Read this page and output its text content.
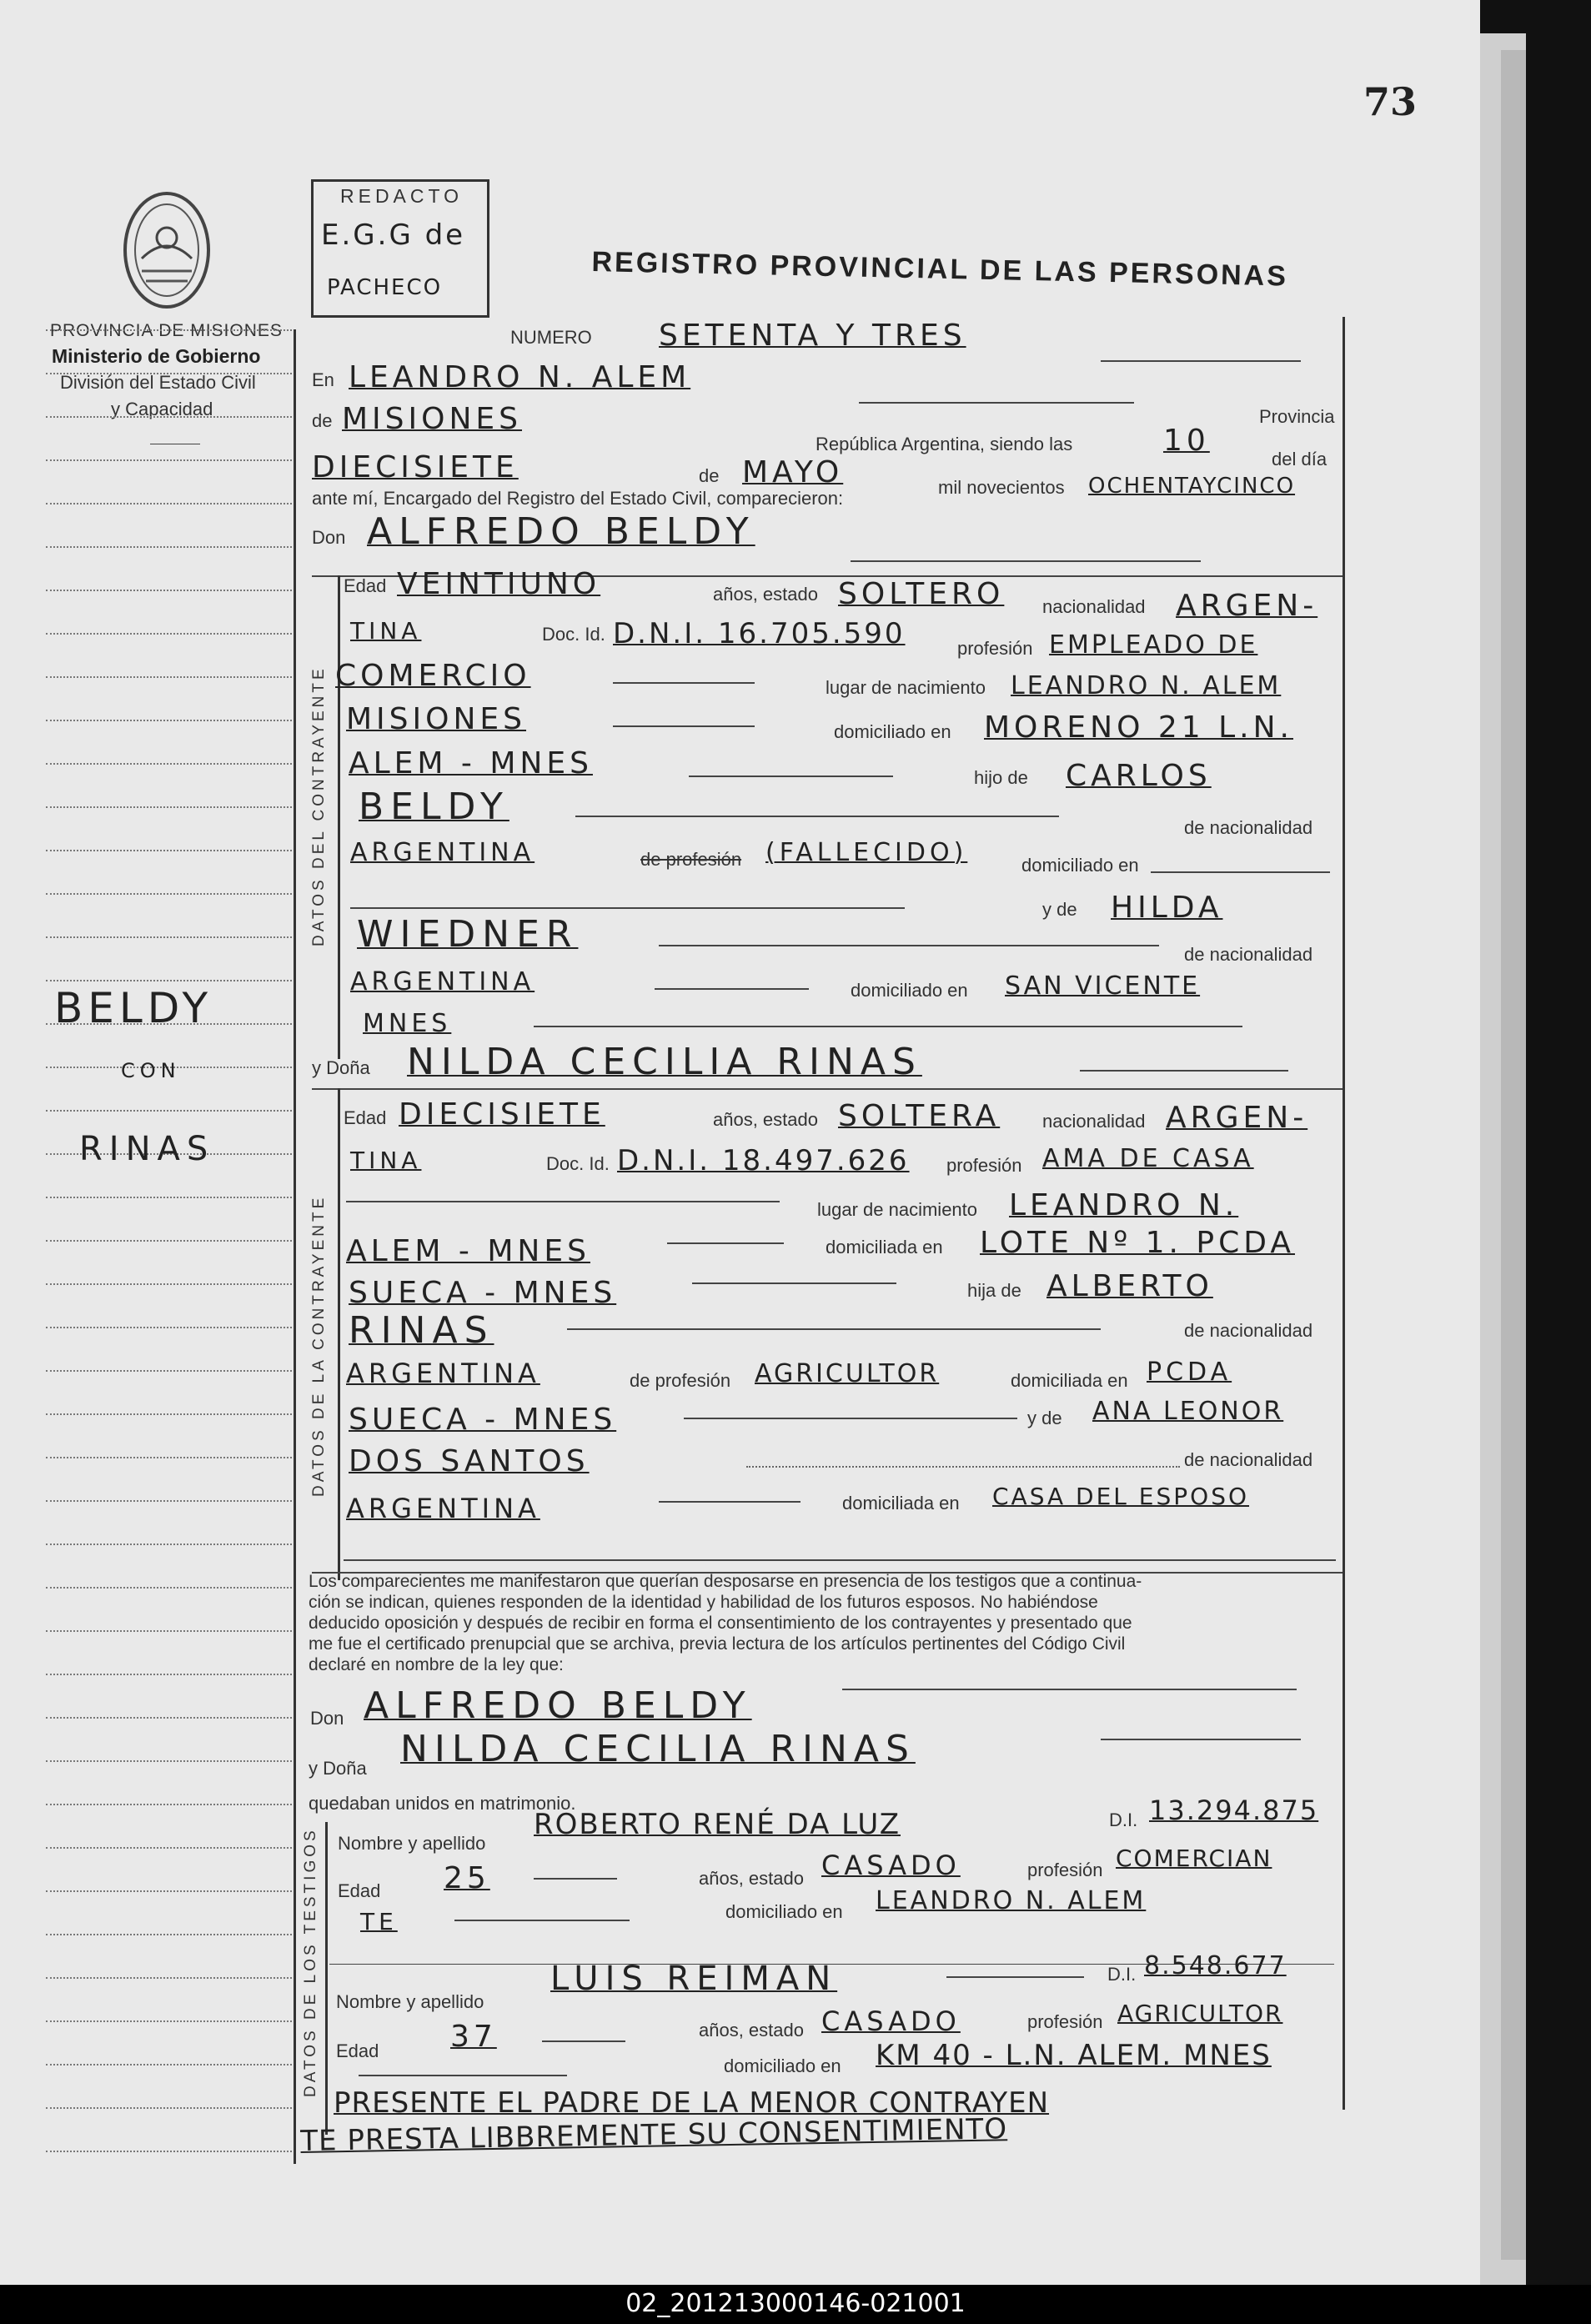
73
PROVINCIA DE MISIONES
Ministerio de Gobierno
División del Estado Civil
y Capacidad
REDACTO
E.G.G de
PACHECO	REGISTRO PROVINCIAL DE LAS PERSONAS
BELDY
CON
RINAS
NUMERO SETENTA Y TRES
En LEANDRO N. ALEM
de MISIONES	Provincia
República Argentina, siendo las	10
del día
DIECISIETE	de MAYO	mil novecientos OCHENTAYCINCO
ante mí, Encargado del Registro del Estado Civil, comparecieron:
Don ALFREDO BELDY
DATOS DEL CONTRAYENTE
Edad VEINTIUNO	años, estado SOLTERO nacionalidad ARGEN-
TINA	Doc. Id. D.N.I. 16.705.590	profesión EMPLEADO DE
COMERCIO	lugar de nacimiento LEANDRO N. ALEM
MISIONES	domiciliado en MORENO 21 L.N.
ALEM - MNES	hijo de CARLOS
BELDY	de nacionalidad
ARGENTINA	de profesión (FALLECIDO)	domiciliado en
y de HILDA
WIEDNER	de nacionalidad
ARGENTINA	domiciliado en SAN VICENTE
MNES
y Doña NILDA CECILIA RINAS
DATOS DE LA CONTRAYENTE
Edad DIECISIETE	años, estado SOLTERA nacionalidad ARGEN-
TINA	Doc. Id. D.N.I. 18.497.626 profesión AMA DE CASA
lugar de nacimiento LEANDRO N.
ALEM - MNES	domiciliada en LOTE Nº 1. PCDA
SUECA - MNES	hija de ALBERTO
RINAS	de nacionalidad
ARGENTINA	de profesión AGRICULTOR	domiciliada en PCDA
SUECA - MNES	y de ANA LEONOR
DOS SANTOS	de nacionalidad
ARGENTINA	domiciliada en CASA DEL ESPOSO
Los comparecientes me manifestaron que querían desposarse en presencia de los testigos que a continua-
ción se indican, quienes responden de la identidad y habilidad de los futuros esposos. No habiéndose
deducido oposición y después de recibir en forma el consentimiento de los contrayentes y presentado que
me fue el certificado prenupcial que se archiva, previa lectura de los artículos pertinentes del Código Civil
declaré en nombre de la ley que:
Don ALFREDO BELDY
y Doña NILDA CECILIA RINAS
quedaban unidos en matrimonio.
DATOS DE LOS TESTIGOS Nombre y apellido
ROBERTO RENÉ DA LUZ	D.I. 13.294.875
Edad 25	años, estado CASADO	profesión COMERCIAN
TE	domiciliado en LEANDRO N. ALEM
Nombre y apellido
LUIS REIMAN	D.I. 8.548.677
Edad 37	años, estado CASADO	profesión AGRICULTOR
domiciliado en KM 40 - L.N. ALEM. MNES
PRESENTE EL PADRE DE LA MENOR CONTRAYEN
TE PRESTA LIBBREMENTE SU CONSENTIMIENTO
02_201213000146-021001
